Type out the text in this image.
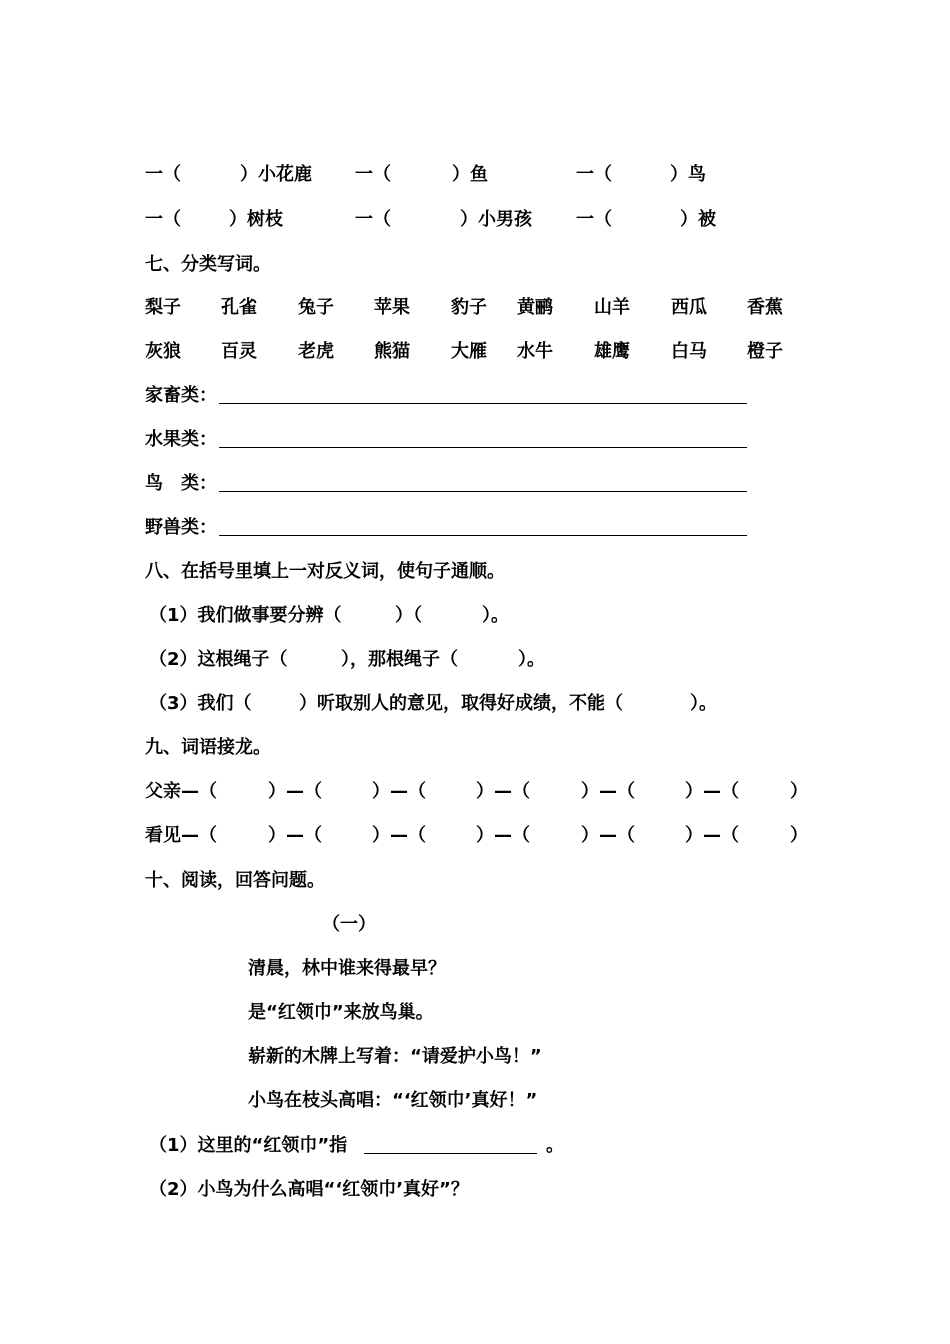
一（	）小花鹿 一（	）鱼	一（	）鸟
一（	）树枝	一（	）小男孩 一（	）被
七、分类写词。
梨子 孔雀 兔子 苹果 豹子 黄鹂 山羊 西瓜 香蕉
灰狼 百灵 老虎 熊猫 大雁 水牛 雄鹰 白马 橙子
家畜类：
水果类：
鸟　类：
野兽类：
八、在括号里填上一对反义词，使句子通顺。
（1）我们做事要分辨（	）（	）。
（2）这根绳子（	），那根绳子（	）。
（3）我们（	）听取别人的意见，取得好成绩，不能（	）。
九、词语接龙。
父亲—（	）—（	）—（	）—（	）—（	）—（	）
看见—（	）—（	）—（	）—（	）—（	）—（	）
十、阅读，回答问题。
（一）
清晨，林中谁来得最早？
是“红领巾”来放鸟巢。
崭新的木牌上写着：“请爱护小鸟！”
小鸟在枝头高唱：“‘红领巾’真好！”
（1）这里的“红领巾”指	。
（2）小鸟为什么高唱“‘红领巾’真好”？
